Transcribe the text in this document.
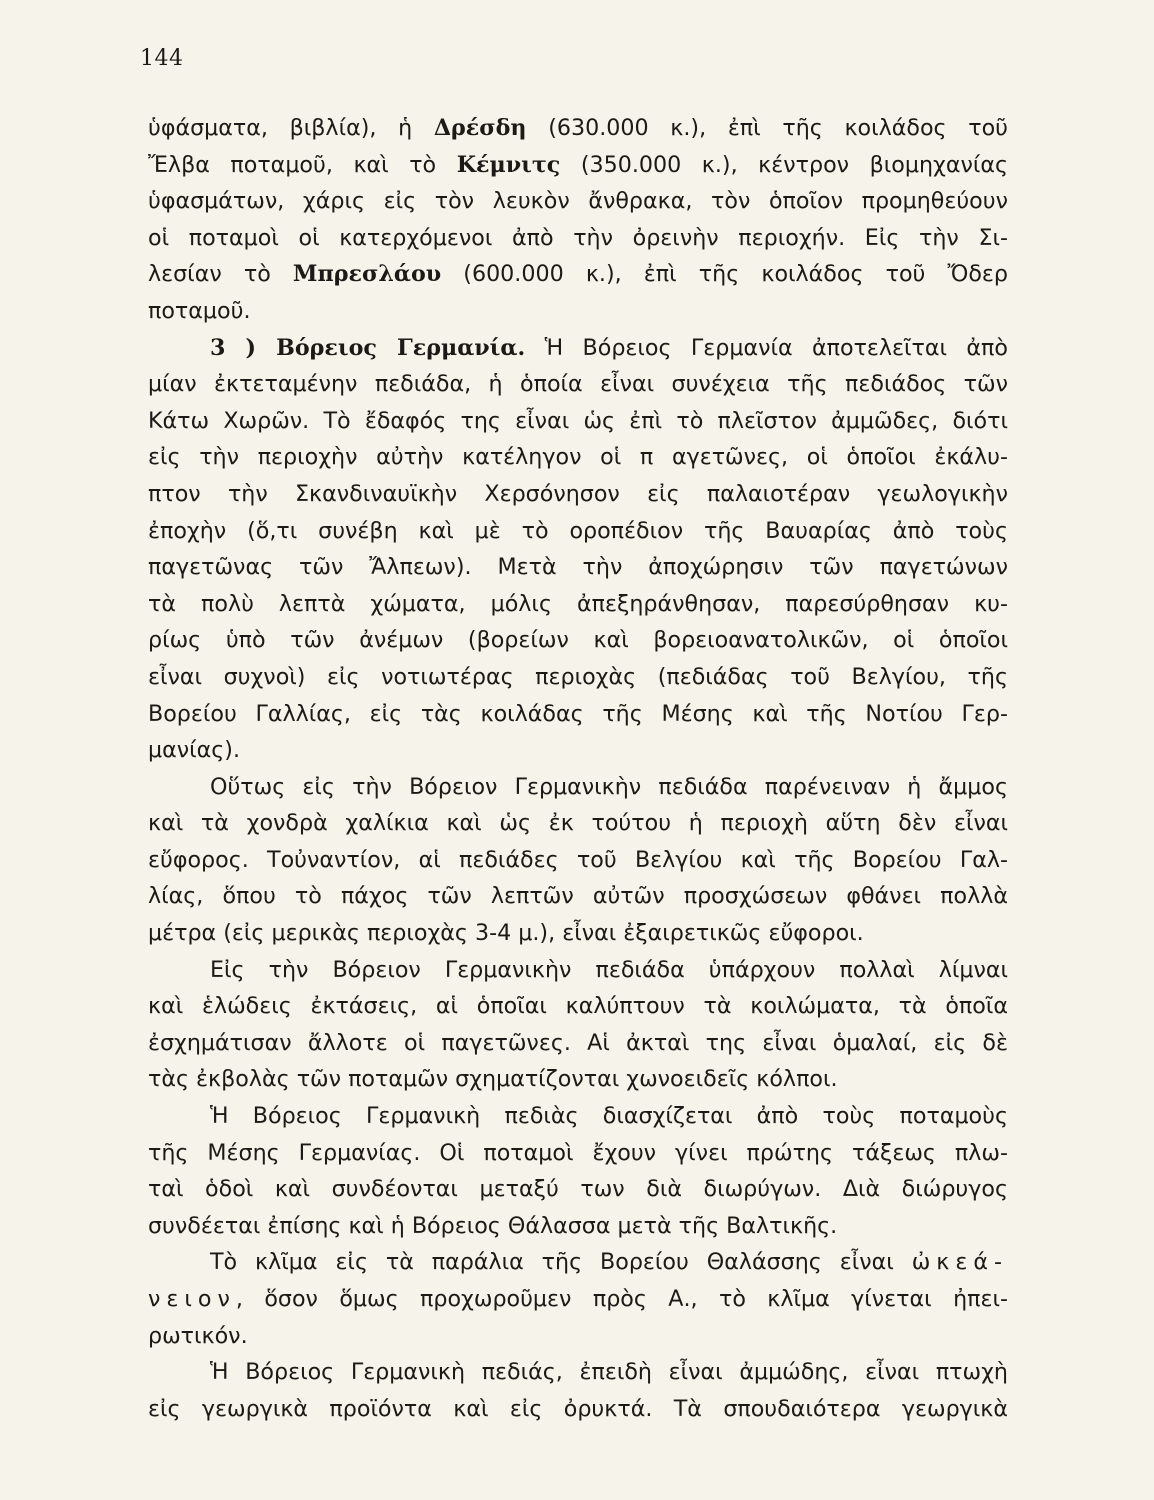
144
ὑφάσματα, βιβλία), ἡ Δρέσδη (630.000 κ.), ἐπὶ τῆς κοιλάδος τοῦ
Ἔλβα ποταμοῦ, καὶ τὸ Κέμνιτς (350.000 κ.), κέντρον βιομηχανίας
ὑφασμάτων, χάρις εἰς τὸν λευκὸν ἄνθρακα, τὸν ὁποῖον προμηθεύουν
οἱ ποταμοὶ οἱ κατερχόμενοι ἀπὸ τὴν ὀρεινὴν περιοχήν. Εἰς τὴν Σι-
λεσίαν τὸ Μπρεσλάου (600.000 κ.), ἐπὶ τῆς κοιλάδος τοῦ Ὄδερ
ποταμοῦ.
3 ) Βόρειος Γερμανία. Ἡ Βόρειος Γερμανία ἀποτελεῖται ἀπὸ
μίαν ἐκτεταμένην πεδιάδα, ἡ ὁποία εἶναι συνέχεια τῆς πεδιάδος τῶν
Κάτω Χωρῶν. Τὸ ἔδαφός της εἶναι ὡς ἐπὶ τὸ πλεῖστον ἀμμῶδες, διότι
εἰς τὴν περιοχὴν αὐτὴν κατέληγον οἱ π αγετῶνες, οἱ ὁποῖοι ἐκάλυ-
πτον τὴν Σκανδιναυϊκὴν Χερσόνησον εἰς παλαιοτέραν γεωλογικὴν
ἐποχὴν (ὅ,τι συνέβη καὶ μὲ τὸ οροπέδιον τῆς Βαυαρίας ἀπὸ τοὺς
παγετῶνας τῶν Ἄλπεων). Μετὰ τὴν ἀποχώρησιν τῶν παγετώνων
τὰ πολὺ λεπτὰ χώματα, μόλις ἀπεξηράνθησαν, παρεσύρθησαν κυ-
ρίως ὑπὸ τῶν ἀνέμων (βορείων καὶ βορειοανατολικῶν, οἱ ὁποῖοι
εἶναι συχνοὶ) εἰς νοτιωτέρας περιοχὰς (πεδιάδας τοῦ Βελγίου, τῆς
Βορείου Γαλλίας, εἰς τὰς κοιλάδας τῆς Μέσης καὶ τῆς Νοτίου Γερ-
μανίας).
Οὕτως εἰς τὴν Βόρειον Γερμανικὴν πεδιάδα παρένειναν ἡ ἄμμος
καὶ τὰ χονδρὰ χαλίκια καὶ ὡς ἐκ τούτου ἡ περιοχὴ αὕτη δὲν εἶναι
εὔφορος. Τοὐναντίον, αἱ πεδιάδες τοῦ Βελγίου καὶ τῆς Βορείου Γαλ-
λίας, ὅπου τὸ πάχος τῶν λεπτῶν αὐτῶν προσχώσεων φθάνει πολλὰ
μέτρα (εἰς μερικὰς περιοχὰς 3-4 μ.), εἶναι ἐξαιρετικῶς εὔφοροι.
Εἰς τὴν Βόρειον Γερμανικὴν πεδιάδα ὑπάρχουν πολλαὶ λίμναι
καὶ ἑλώδεις ἐκτάσεις, αἱ ὁποῖαι καλύπτουν τὰ κοιλώματα, τὰ ὁποῖα
ἐσχημάτισαν ἄλλοτε οἱ παγετῶνες. Αἱ ἀκταὶ της εἶναι ὁμαλαί, εἰς δὲ
τὰς ἐκβολὰς τῶν ποταμῶν σχηματίζονται χωνοειδεῖς κόλποι.
Ἡ Βόρειος Γερμανικὴ πεδιὰς διασχίζεται ἀπὸ τοὺς ποταμοὺς
τῆς Μέσης Γερμανίας. Οἱ ποταμοὶ ἔχουν γίνει πρώτης τάξεως πλω-
ταὶ ὁδοὶ καὶ συνδέονται μεταξύ των διὰ διωρύγων. Διὰ διώρυγος
συνδέεται ἐπίσης καὶ ἡ Βόρειος Θάλασσα μετὰ τῆς Βαλτικῆς.
Τὸ κλῖμα εἰς τὰ παράλια τῆς Βορείου Θαλάσσης εἶναι ὠκεά-
νειον, ὅσον ὅμως προχωροῦμεν πρὸς Α., τὸ κλῖμα γίνεται ἠπει-
ρωτικόν.
Ἡ Βόρειος Γερμανικὴ πεδιάς, ἐπειδὴ εἶναι ἀμμώδης, εἶναι πτωχὴ
εἰς γεωργικὰ προϊόντα καὶ εἰς ὀρυκτά. Τὰ σπουδαιότερα γεωργικὰ
